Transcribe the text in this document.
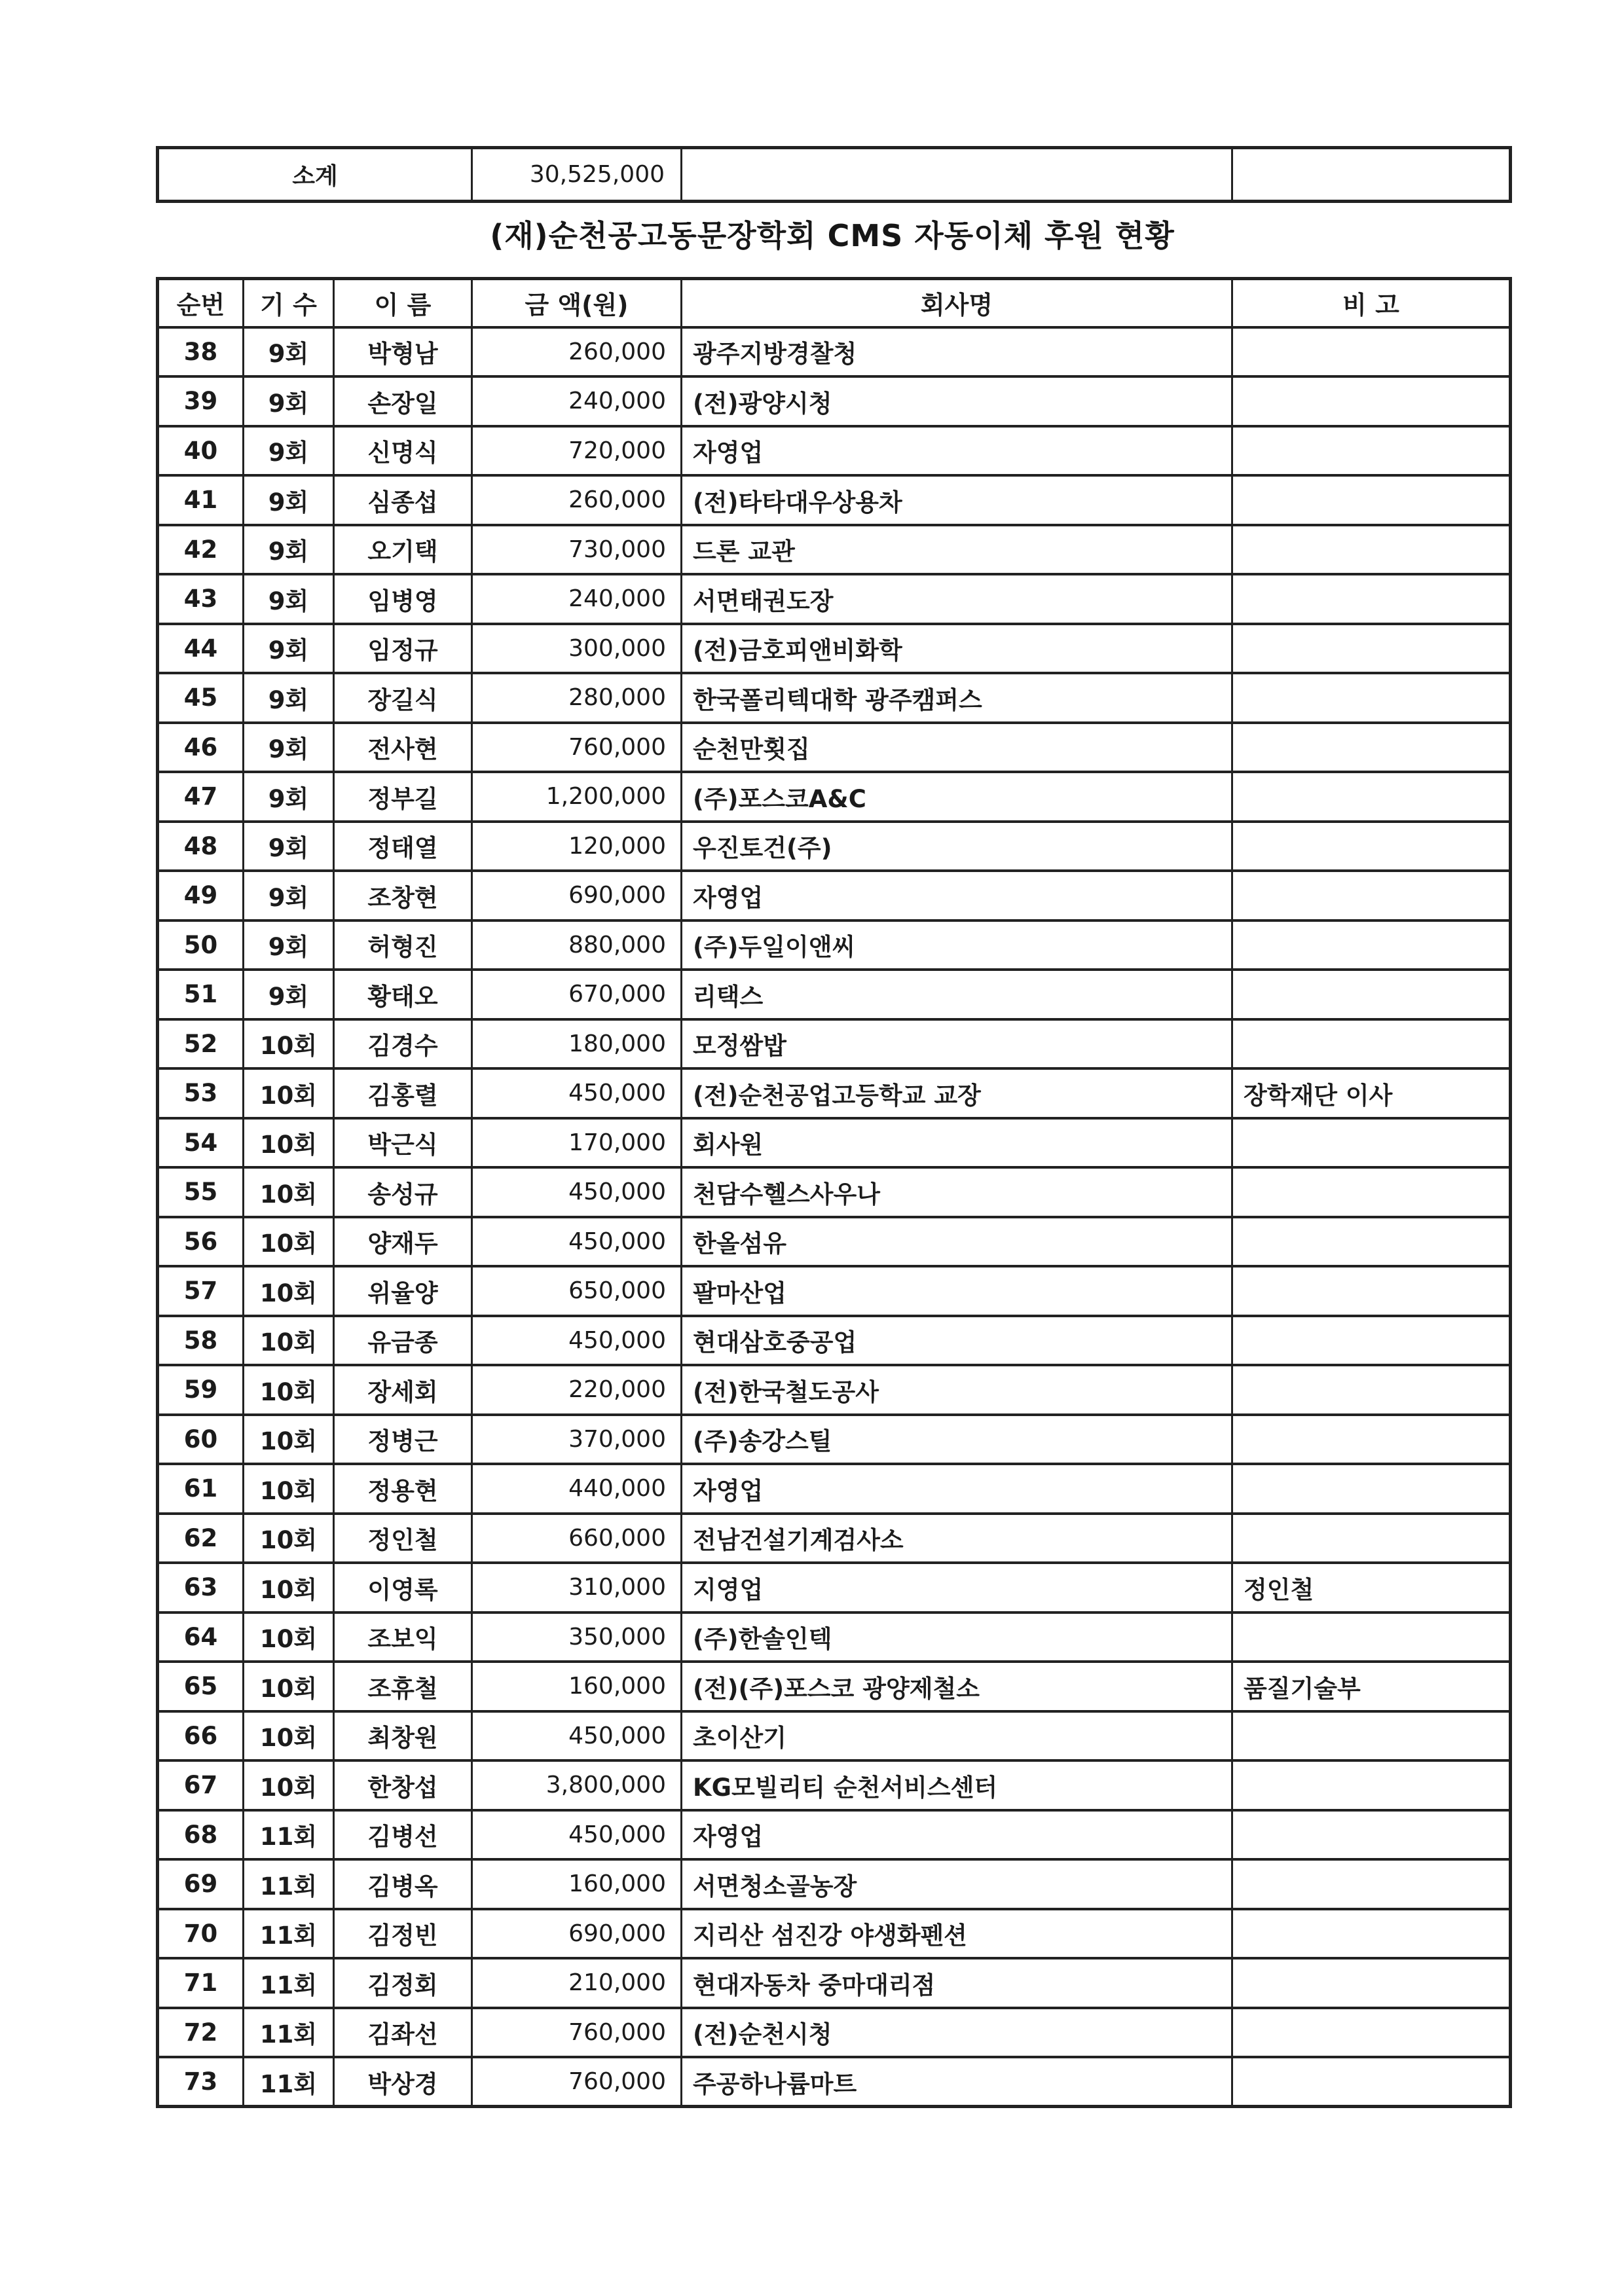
소계	30,525,000		
(재)순천공고동문장학회 CMS 자동이체 후원 현황
순번	기 수	이 름	금 액(원)	회사명	비 고
38	9회	박형남	260,000	광주지방경찰청	
39	9회	손장일	240,000	(전)광양시청	
40	9회	신명식	720,000	자영업	
41	9회	심종섭	260,000	(전)타타대우상용차	
42	9회	오기택	730,000	드론 교관	
43	9회	임병영	240,000	서면태권도장	
44	9회	임정규	300,000	(전)금호피앤비화학	
45	9회	장길식	280,000	한국폴리텍대학 광주캠퍼스	
46	9회	전사현	760,000	순천만횟집	
47	9회	정부길	1,200,000	(주)포스코A&C	
48	9회	정태열	120,000	우진토건(주)	
49	9회	조창현	690,000	자영업	
50	9회	허형진	880,000	(주)두일이앤씨	
51	9회	황태오	670,000	리택스	
52	10회	김경수	180,000	모정쌈밥	
53	10회	김홍렬	450,000	(전)순천공업고등학교 교장	장학재단 이사
54	10회	박근식	170,000	회사원	
55	10회	송성규	450,000	천담수헬스사우나	
56	10회	양재두	450,000	한올섬유	
57	10회	위율양	650,000	팔마산업	
58	10회	유금종	450,000	현대삼호중공업	
59	10회	장세회	220,000	(전)한국철도공사	
60	10회	정병근	370,000	(주)송강스틸	
61	10회	정용현	440,000	자영업	
62	10회	정인철	660,000	전남건설기계검사소	
63	10회	이영록	310,000	지영업	정인철
64	10회	조보익	350,000	(주)한솔인텍	
65	10회	조휴철	160,000	(전)(주)포스코 광양제철소	품질기술부
66	10회	최창원	450,000	초이산기	
67	10회	한창섭	3,800,000	KG모빌리티 순천서비스센터	
68	11회	김병선	450,000	자영업	
69	11회	김병옥	160,000	서면청소골농장	
70	11회	김정빈	690,000	지리산 섬진강 야생화펜션	
71	11회	김정회	210,000	현대자동차 중마대리점	
72	11회	김좌선	760,000	(전)순천시청	
73	11회	박상경	760,000	주공하나륨마트	
